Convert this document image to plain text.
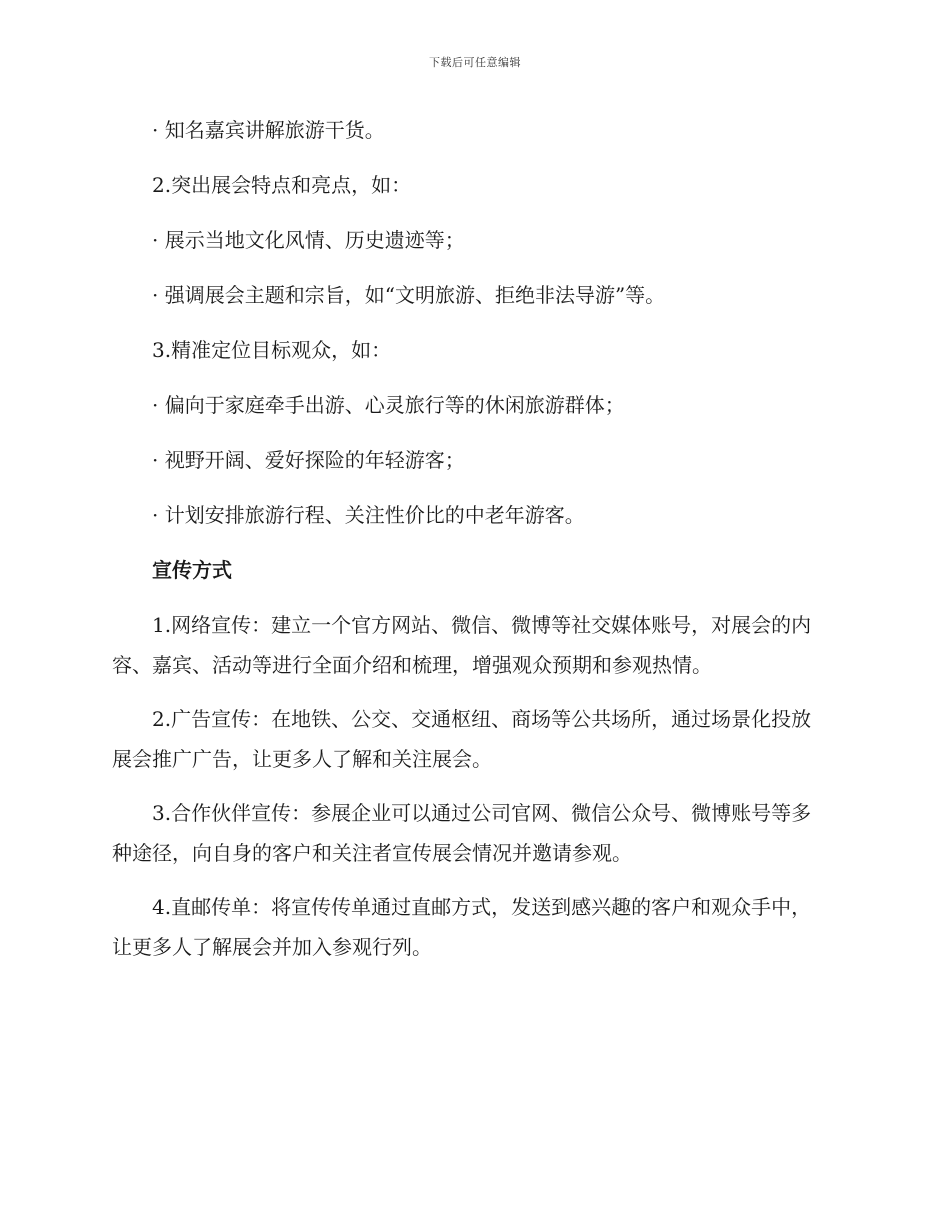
下载后可任意编辑

· 知名嘉宾讲解旅游干货。

2.突出展会特点和亮点，如：

· 展示当地文化风情、历史遗迹等；

· 强调展会主题和宗旨，如“文明旅游、拒绝非法导游”等。

3.精准定位目标观众，如：

· 偏向于家庭牵手出游、心灵旅行等的休闲旅游群体；

· 视野开阔、爱好探险的年轻游客；

· 计划安排旅游行程、关注性价比的中老年游客。

宣传方式

1.网络宣传：建立一个官方网站、微信、微博等社交媒体账号，对展会的内容、嘉宾、活动等进行全面介绍和梳理，增强观众预期和参观热情。

2.广告宣传：在地铁、公交、交通枢纽、商场等公共场所，通过场景化投放展会推广广告，让更多人了解和关注展会。

3.合作伙伴宣传：参展企业可以通过公司官网、微信公众号、微博账号等多种途径，向自身的客户和关注者宣传展会情况并邀请参观。

4.直邮传单：将宣传传单通过直邮方式，发送到感兴趣的客户和观众手中，让更多人了解展会并加入参观行列。
